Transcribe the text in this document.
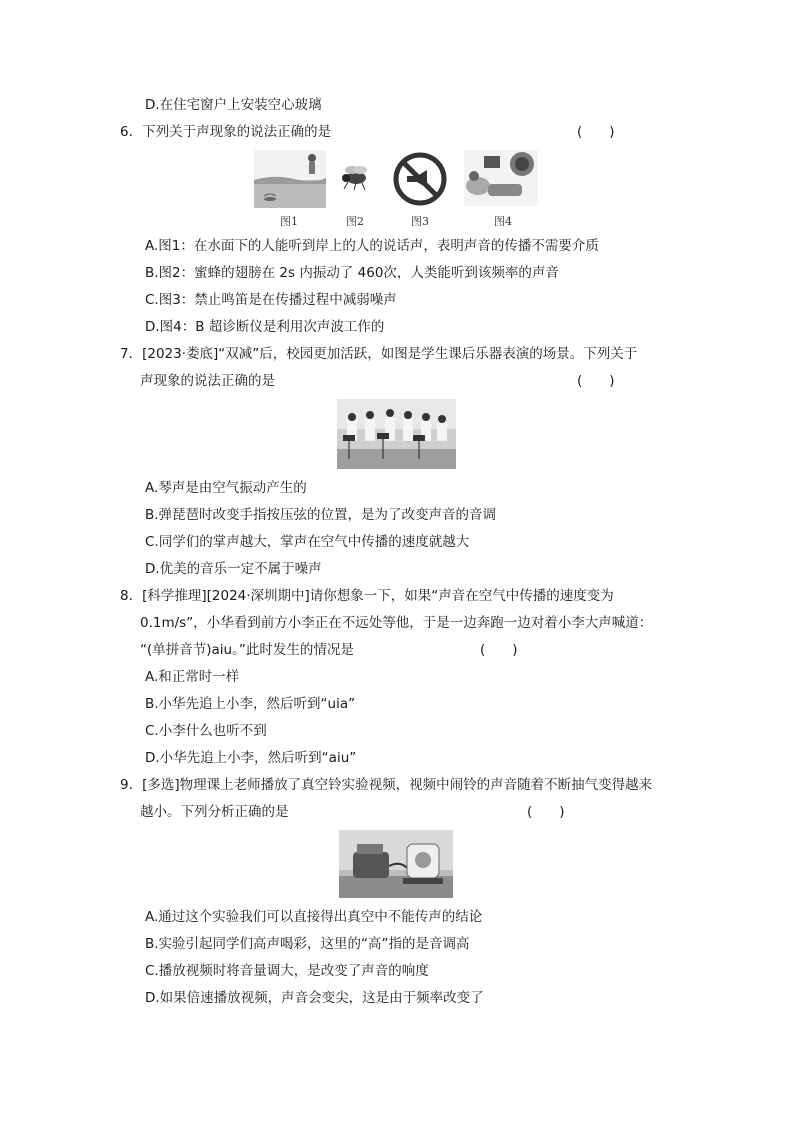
D.在住宅窗户上安装空心玻璃
6．下列关于声现象的说法正确的是	(　　)
图1	图2	图3	图4
A.图1：在水面下的人能听到岸上的人的说话声，表明声音的传播不需要介质
B.图2：蜜蜂的翅膀在 2s 内振动了 460次，人类能听到该频率的声音
C.图3：禁止鸣笛是在传播过程中减弱噪声
D.图4：B 超诊断仪是利用次声波工作的
7．[2023·娄底]“双减”后，校园更加活跃，如图是学生课后乐器表演的场景。下列关于
声现象的说法正确的是	(　　)
A.琴声是由空气振动产生的
B.弹琵琶时改变手指按压弦的位置，是为了改变声音的音调
C.同学们的掌声越大，掌声在空气中传播的速度就越大
D.优美的音乐一定不属于噪声
8．[科学推理][2024·深圳期中]请你想象一下，如果“声音在空气中传播的速度变为
0.1m/s”，小华看到前方小李正在不远处等他，于是一边奔跑一边对着小李大声喊道：
“(单拼音节)aiu。”此时发生的情况是	(　　)
A.和正常时一样
B.小华先追上小李，然后听到“uia”
C.小李什么也听不到
D.小华先追上小李，然后听到“aiu”
9．[多选]物理课上老师播放了真空铃实验视频，视频中闹铃的声音随着不断抽气变得越来
越小。下列分析正确的是	(　　)
A.通过这个实验我们可以直接得出真空中不能传声的结论
B.实验引起同学们高声喝彩，这里的“高”指的是音调高
C.播放视频时将音量调大，是改变了声音的响度
D.如果倍速播放视频，声音会变尖，这是由于频率改变了
